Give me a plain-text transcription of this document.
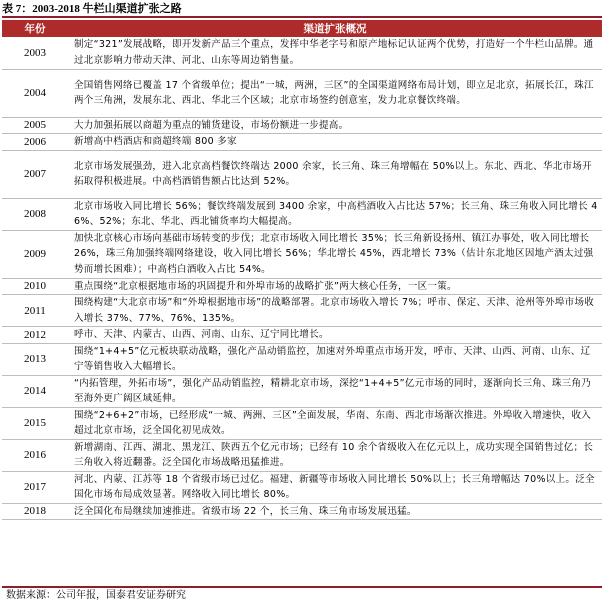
表 7：2003-2018 牛栏山渠道扩张之路
年份	渠道扩张概况
2003	制定“321”发展战略，即开发新产品三个重点，发挥中华老字号和原产地标记认证两个优势，打造好一个牛栏山品牌。通过北京影响力带动天津、河北、山东等周边销售量。
2004	全国销售网络已覆盖 17 个省级单位；提出“一城，两洲，三区”的全国渠道网络布局计划，即立足北京，拓展长江，珠江两个三角洲，发展东北、西北、华北三个区域；北京市场签约创意室，发力北京餐饮终端。
2005	大力加强拓展以商超为重点的铺货建设，市场份额进一步提高。
2006	新增高中档酒店和商超终端 800 多家
2007	北京市场发展强劲，进入北京高档餐饮终端达 2000 余家，长三角、珠三角增幅在 50%以上。东北、西北、华北市场开拓取得积极进展。中高档酒销售额占比达到 52%。
2008	北京市场收入同比增长 56%；餐饮终端发展到 3400 余家，中高档酒收入占比达 57%；长三角、珠三角收入同比增长 46%、52%；东北、华北、西北铺货率均大幅提高。
2009	加快北京核心市场向基础市场转变的步伐；北京市场收入同比增长 35%；长三角新设扬州、镇江办事处，收入同比增长 26%，珠三角加强终端网络建设，收入同比增长 56%；华北增长 45%，西北增长 73%（估计东北地区因地产酒太过强势而增长困难）；中高档白酒收入占比 54%。
2010	重点围绕“北京根据地市场的巩固提升和外埠市场的战略扩张”两大核心任务，一区一策。
2011	围绕构建“大北京市场”和“外埠根据地市场”的战略部署。北京市场收入增长 7%；呼市、保定、天津、沧州等外埠市场收入增长 37%、77%、76%、135%。
2012	呼市、天津、内蒙古、山西、河南、山东、辽宁同比增长。
2013	围绕“1+4+5”亿元板块联动战略，强化产品动销监控，加速对外埠重点市场开发，呼市、天津、山西、河南、山东、辽宁等销售收入大幅增长。
2014	“内拓管理，外拓市场”，强化产品动销监控，精耕北京市场，深挖“1+4+5”亿元市场的同时，逐渐向长三角、珠三角乃至海外更广阔区域延伸。
2015	围绕“2+6+2”市场，已经形成“一城、两洲、三区”全面发展，华南、东南、西北市场渐次推进。外埠收入增速快，收入超过北京市场，泛全国化初见成效。
2016	新增湖南、江西、湖北、黑龙江、陕西五个亿元市场；已经有 10 余个省级收入在亿元以上，成功实现全国销售过亿；长三角收入将近翻番。泛全国化市场战略迅猛推进。
2017	河北、内蒙、江苏等 18 个省级市场已过亿。福建、新疆等市场收入同比增长 50%以上；长三角增幅达 70%以上。泛全国化市场布局成效显著。网络收入同比增长 80%。
2018	泛全国化布局继续加速推进。省级市场 22 个，长三角、珠三角市场发展迅猛。
数据来源：公司年报，国泰君安证券研究
